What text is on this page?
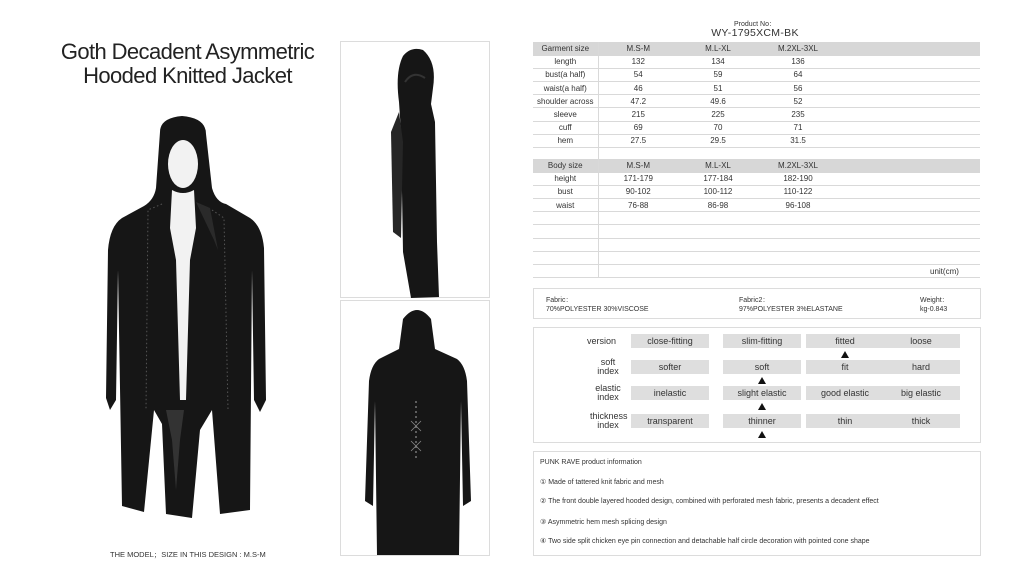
Goth Decadent Asymmetric
Hooded Knitted Jacket
THE MODEL；SIZE IN THIS DESIGN : M.S-M
Product No：
WY-1795XCM-BK
Garment size	M.S-M	M.L-XL	M.2XL-3XL	
length	132	134	136	
bust(a half)	54	59	64	
waist(a half)	46	51	56	
shoulder across	47.2	49.6	52	
sleeve	215	225	235	
cuff	69	70	71	
hem	27.5	29.5	31.5	

Body size	M.S-M	M.L-XL	M.2XL-3XL	
height	171-179	177-184	182-190	
bust	90-102	100-112	110-122	
waist	76-88	86-98	96-108	

unit(cm)
Fabric：
70%POLYESTER 30%VISCOSE
Fabric2：
97%POLYESTER 3%ELASTANE
Weight：
kg-0.843
version	close-fitting	slim-fitting	fitted	loose
soft index	softer	soft	fit	hard
elastic index	inelastic	slight elastic	good elastic	big elastic
thickness index	transparent	thinner	thin	thick
PUNK RAVE product information
① Made of tattered knit fabric and mesh
② The front double layered hooded design, combined with perforated mesh fabric, presents a decadent effect
③ Asymmetric hem mesh splicing design
④ Two side split chicken eye pin connection and detachable half circle decoration with pointed cone shape
